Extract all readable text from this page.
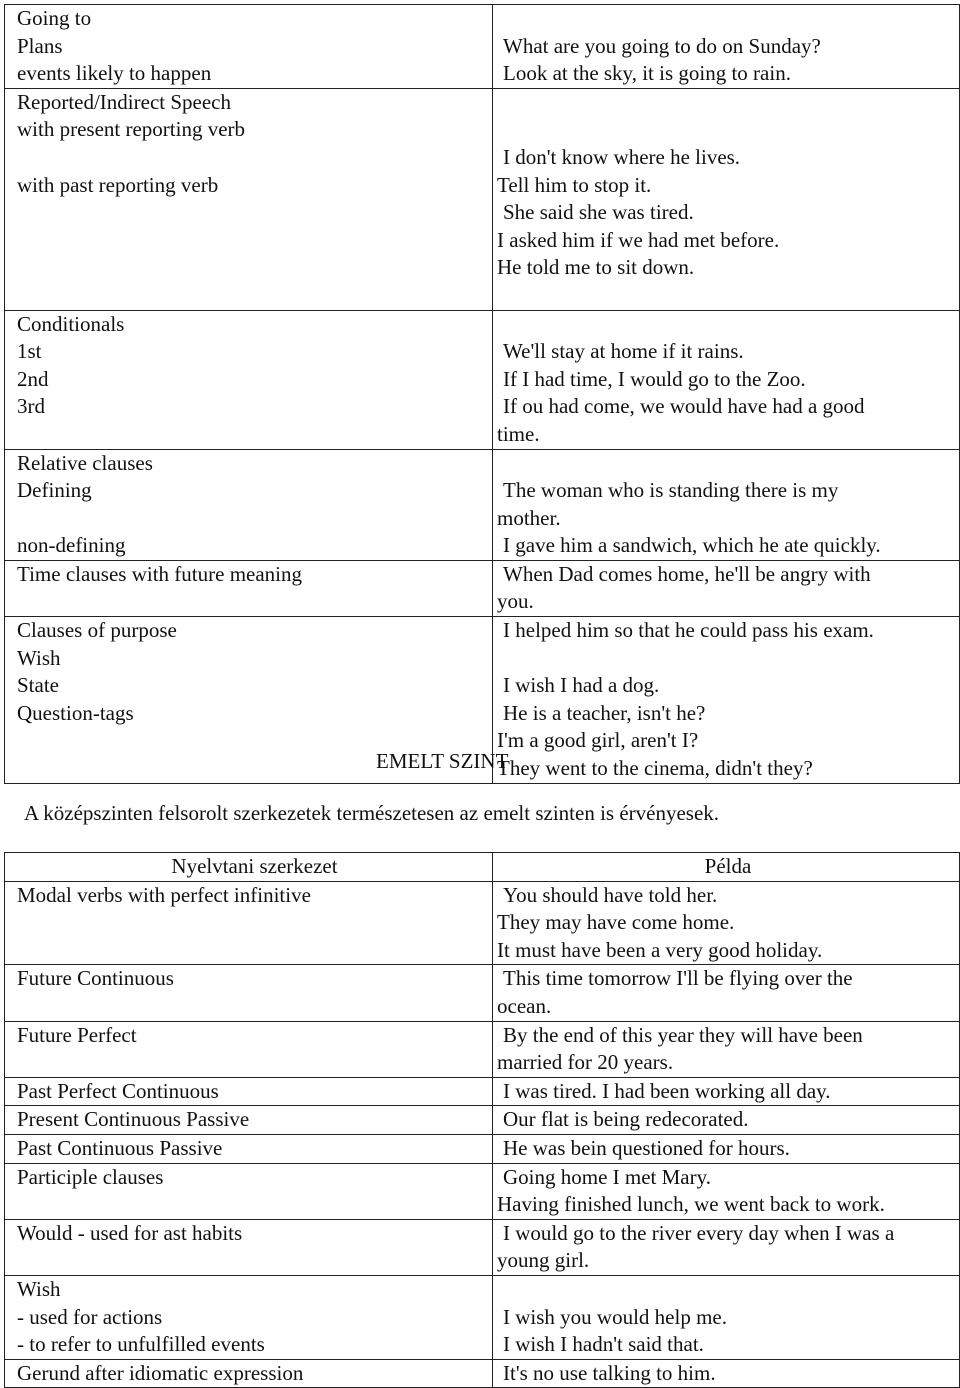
Going to
Plans
events likely to happen	What are you going to do on Sunday?
Look at the sky, it is going to rain.

Reported/Indirect Speech
with present reporting verb
with past reporting verb	I don't know where he lives.
Tell him to stop it.
She said she was tired.
I asked him if we had met before.
He told me to sit down.

Conditionals
1st
2nd
3rd	We'll stay at home if it rains.
If I had time, I would go to the Zoo.
If ou had come, we would have had a good
time.

Relative clauses
Defining
non-defining	The woman who is standing there is my
mother.
I gave him a sandwich, which he ate quickly.

Time clauses with future meaning	When Dad comes home, he'll be angry with
you.

Clauses of purpose
Wish
State
Question-tags	I helped him so that he could pass his exam.
I wish I had a dog.
He is a teacher, isn't he?
I'm a good girl, aren't I?
They went to the cinema, didn't they?
EMELT SZINT
A középszinten felsorolt szerkezetek természetesen az emelt szinten is érvényesek.
Nyelvtani szerkezet	Példa

Modal verbs with perfect infinitive	You should have told her.
They may have come home.
It must have been a very good holiday.

Future Continuous	This time tomorrow I'll be flying over the
ocean.

Future Perfect	By the end of this year they will have been
married for 20 years.

Past Perfect Continuous	I was tired. I had been working all day.

Present Continuous Passive	Our flat is being redecorated.

Past Continuous Passive	He was bein questioned for hours.

Participle clauses	Going home I met Mary.
Having finished lunch, we went back to work.

Would - used for ast habits	I would go to the river every day when I was a
young girl.

Wish
- used for actions
- to refer to unfulfilled events	I wish you would help me.
I wish I hadn't said that.

Gerund after idiomatic expression	It's no use talking to him.
